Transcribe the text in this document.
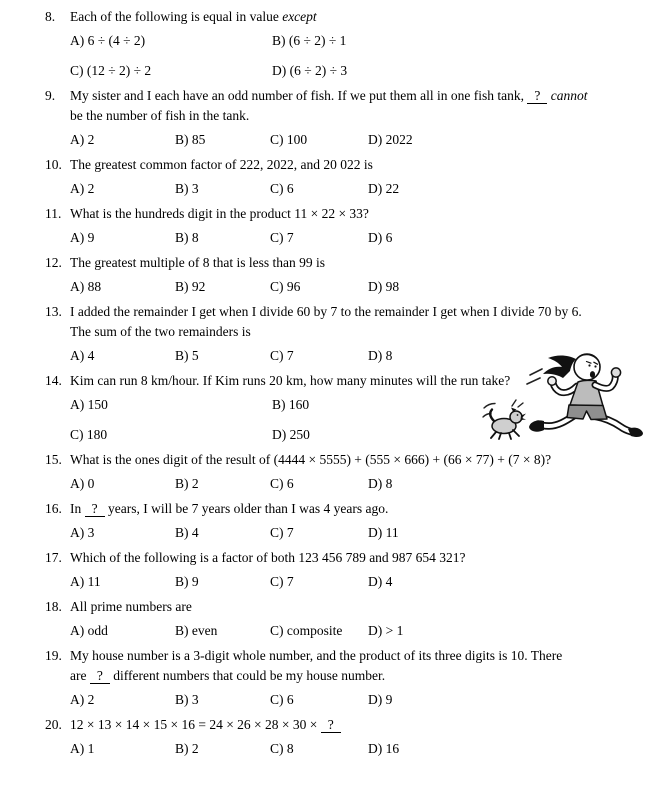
8. Each of the following is equal in value except
A) 6 ÷ (4 ÷ 2)	B) (6 ÷ 2) ÷ 1
C) (12 ÷ 2) ÷ 2	D) (6 ÷ 2) ÷ 3
9. My sister and I each have an odd number of fish. If we put them all in one fish tank, ? cannot
be the number of fish in the tank.
A) 2	B) 85	C) 100	D) 2022
10. The greatest common factor of 222, 2022, and 20 022 is
A) 2	B) 3	C) 6	D) 22
11. What is the hundreds digit in the product 11 × 22 × 33?
A) 9	B) 8	C) 7	D) 6
12. The greatest multiple of 8 that is less than 99 is
A) 88	B) 92	C) 96	D) 98
13. I added the remainder I get when I divide 60 by 7 to the remainder I get when I divide 70 by 6.
The sum of the two remainders is
A) 4	B) 5	C) 7	D) 8
14. Kim can run 8 km/hour. If Kim runs 20 km, how many minutes will the run take?
A) 150	B) 160
C) 180	D) 250
15. What is the ones digit of the result of (4444 × 5555) + (555 × 666) + (66 × 77) + (7 × 8)?
A) 0	B) 2	C) 6	D) 8
16. In ? years, I will be 7 years older than I was 4 years ago.
A) 3	B) 4	C) 7	D) 11
17. Which of the following is a factor of both 123 456 789 and 987 654 321?
A) 11	B) 9	C) 7	D) 4
18. All prime numbers are
A) odd	B) even	C) composite D) > 1
19. My house number is a 3-digit whole number, and the product of its three digits is 10. There
are ? different numbers that could be my house number.
A) 2	B) 3	C) 6	D) 9
20. 12 × 13 × 14 × 15 × 16 = 24 × 26 × 28 × 30 × ?
A) 1	B) 2	C) 8	D) 16
